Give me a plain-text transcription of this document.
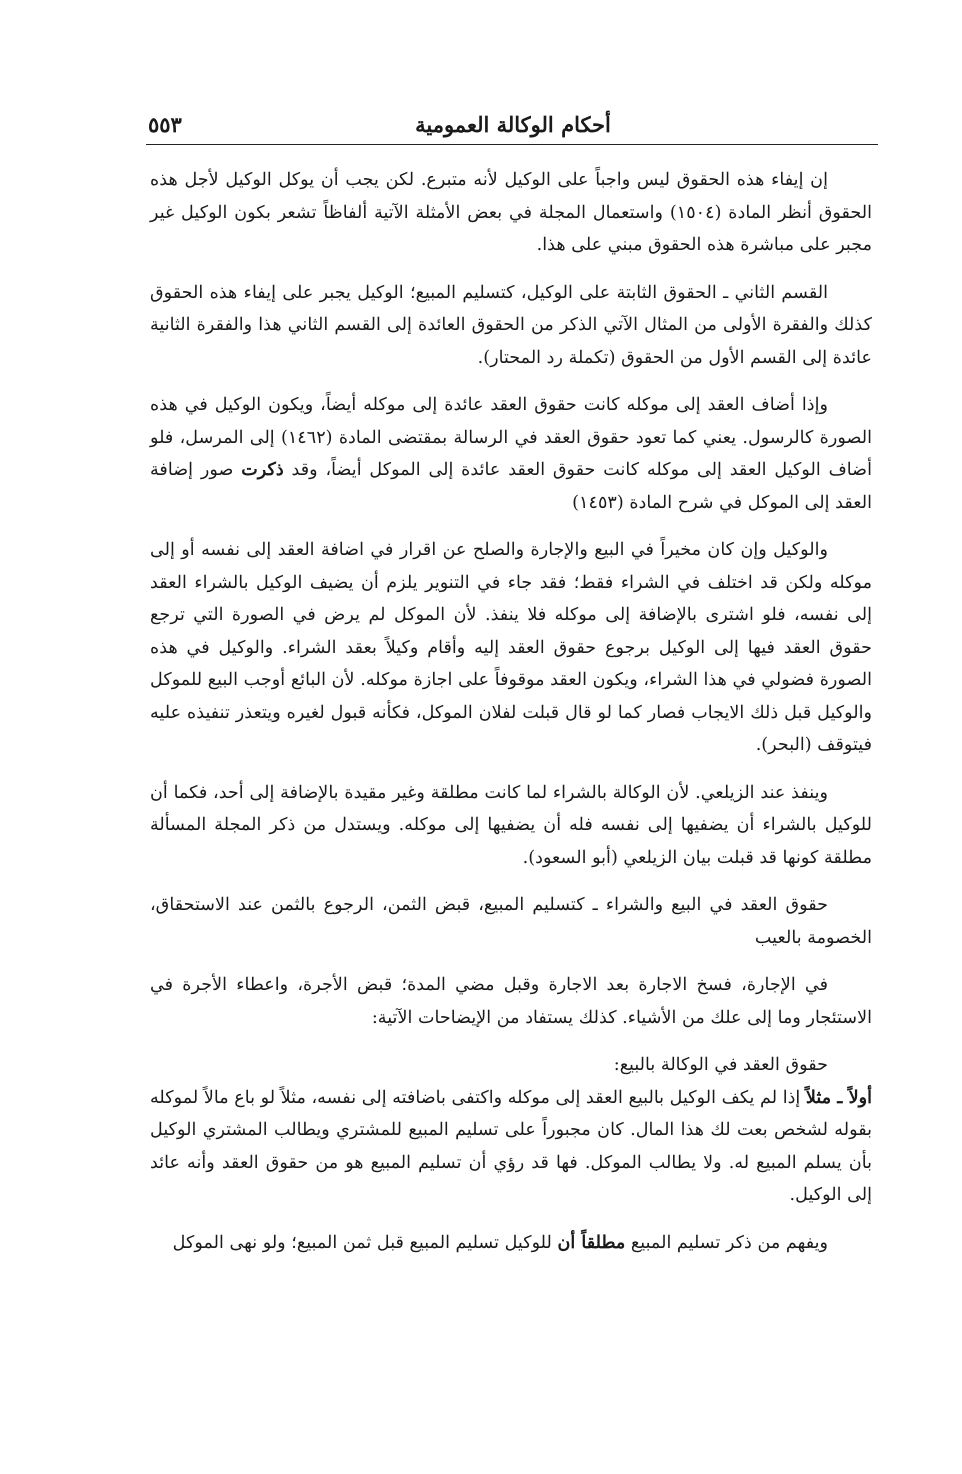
أحكام الوكالة العمومية
٥٥٣

إن إيفاء هذه الحقوق ليس واجباً على الوكيل لأنه متبرع. لكن يجب أن يوكل الوكيل لأجل هذه الحقوق أنظر المادة (١٥٠٤) واستعمال المجلة في بعض الأمثلة الآتية ألفاظاً تشعر بكون الوكيل غير مجبر على مباشرة هذه الحقوق مبني على هذا.

القسم الثاني ـ الحقوق الثابتة على الوكيل، كتسليم المبيع؛ الوكيل يجبر على إيفاء هذه الحقوق كذلك والفقرة الأولى من المثال الآتي الذكر من الحقوق العائدة إلى القسم الثاني هذا والفقرة الثانية عائدة إلى القسم الأول من الحقوق (تكملة رد المحتار).

وإذا أضاف العقد إلى موكله كانت حقوق العقد عائدة إلى موكله أيضاً، ويكون الوكيل في هذه الصورة كالرسول. يعني كما تعود حقوق العقد في الرسالة بمقتضى المادة (١٤٦٢) إلى المرسل، فلو أضاف الوكيل العقد إلى موكله كانت حقوق العقد عائدة إلى الموكل أيضاً، وقد ذكرت صور إضافة العقد إلى الموكل في شرح المادة (١٤٥٣)

والوكيل وإن كان مخيراً في البيع والإجارة والصلح عن اقرار في اضافة العقد إلى نفسه أو إلى موكله ولكن قد اختلف في الشراء فقط؛ فقد جاء في التنوير يلزم أن يضيف الوكيل بالشراء العقد إلى نفسه، فلو اشترى بالإضافة إلى موكله فلا ينفذ. لأن الموكل لم يرض في الصورة التي ترجع حقوق العقد فيها إلى الوكيل برجوع حقوق العقد إليه وأقام وكيلاً بعقد الشراء. والوكيل في هذه الصورة فضولي في هذا الشراء، ويكون العقد موقوفاً على اجازة موكله. لأن البائع أوجب البيع للموكل والوكيل قبل ذلك الايجاب فصار كما لو قال قبلت لفلان الموكل، فكأنه قبول لغيره ويتعذر تنفيذه عليه فيتوقف (البحر).

وينفذ عند الزيلعي. لأن الوكالة بالشراء لما كانت مطلقة وغير مقيدة بالإضافة إلى أحد، فكما أن للوكيل بالشراء أن يضفيها إلى نفسه فله أن يضفيها إلى موكله. ويستدل من ذكر المجلة المسألة مطلقة كونها قد قبلت بيان الزيلعي (أبو السعود).

حقوق العقد في البيع والشراء ـ كتسليم المبيع، قبض الثمن، الرجوع بالثمن عند الاستحقاق، الخصومة بالعيب

في الإجارة، فسخ الاجارة بعد الاجارة وقبل مضي المدة؛ قبض الأجرة، واعطاء الأجرة في الاستئجار وما إلى علك من الأشياء. كذلك يستفاد من الإيضاحات الآتية:

حقوق العقد في الوكالة بالبيع:

أولاً ـ مثلاً إذا لم يكف الوكيل بالبيع العقد إلى موكله واكتفى باضافته إلى نفسه، مثلاً لو باع مالاً لموكله بقوله لشخص بعت لك هذا المال. كان مجبوراً على تسليم المبيع للمشتري ويطالب المشتري الوكيل بأن يسلم المبيع له. ولا يطالب الموكل. فها قد رؤي أن تسليم المبيع هو من حقوق العقد وأنه عائد إلى الوكيل.

ويفهم من ذكر تسليم المبيع مطلقاً أن للوكيل تسليم المبيع قبل ثمن المبيع؛ ولو نهى الموكل
